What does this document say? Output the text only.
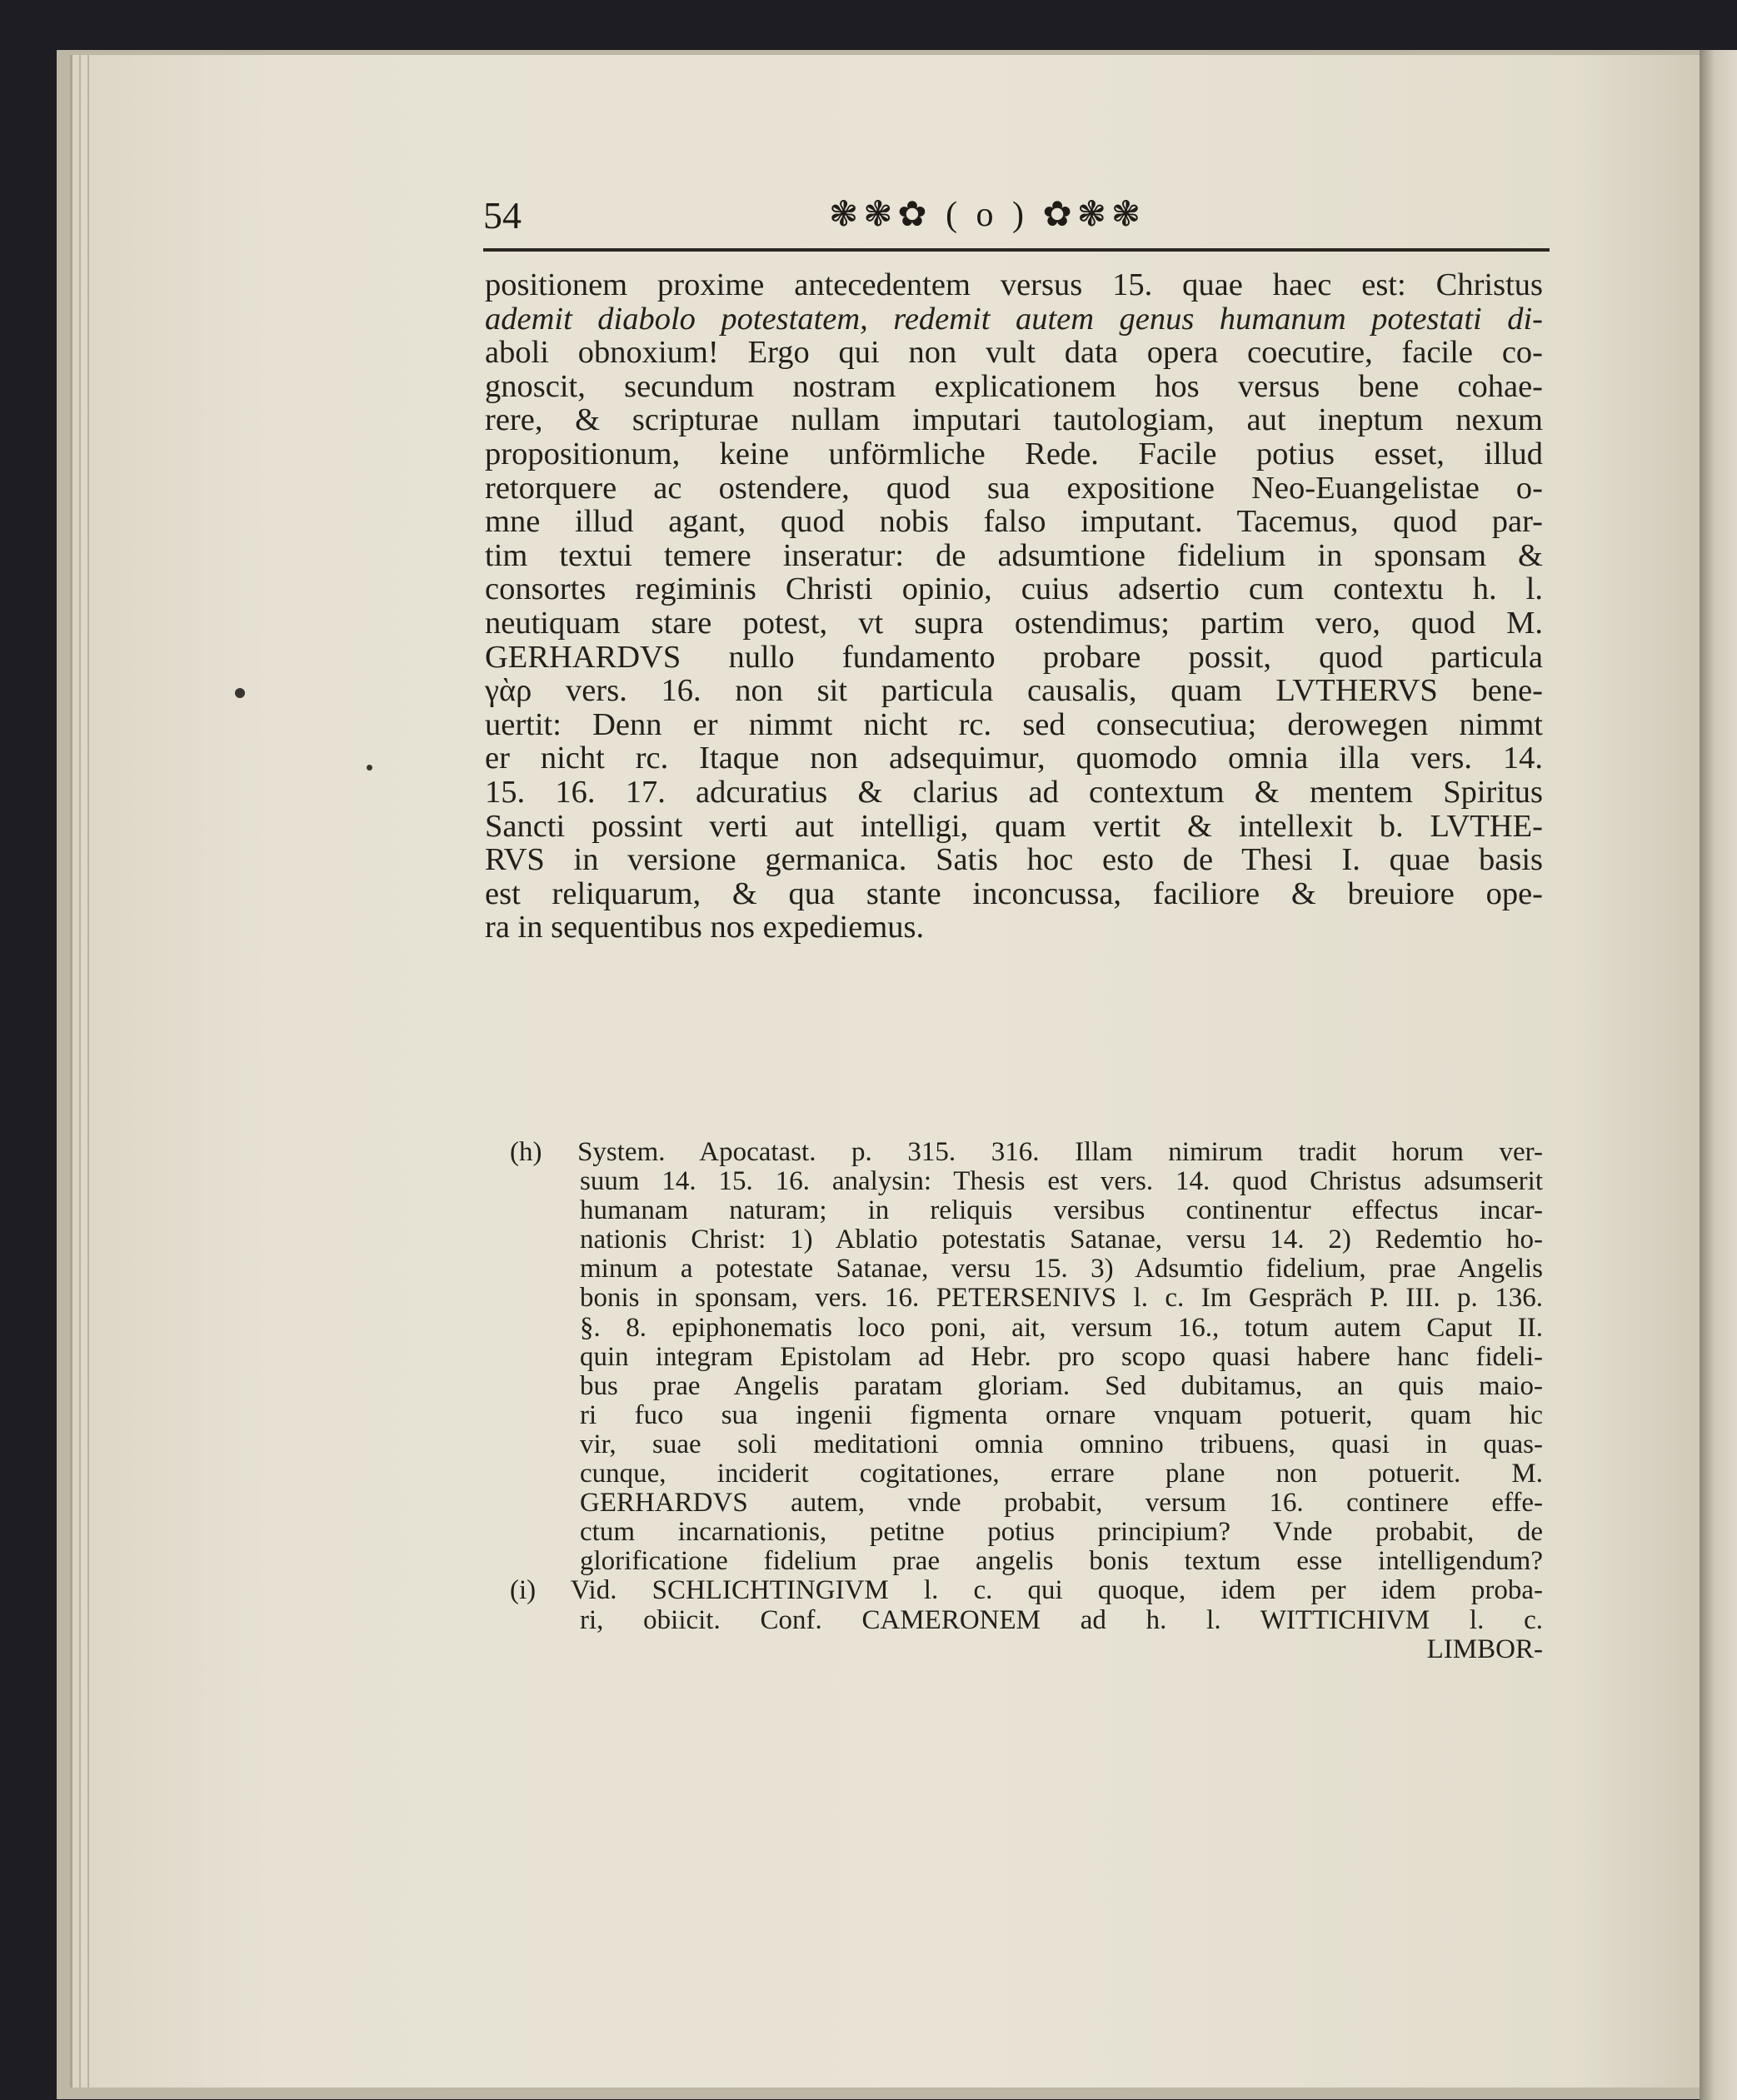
54	❃❃✿ ( o ) ✿❃❃
positionem proxime antecedentem versus 15. quae haec est: Christus
ademit diabolo potestatem, redemit autem genus humanum potestati di-
aboli obnoxium! Ergo qui non vult data opera coecutire, facile co-
gnoscit, secundum nostram explicationem hos versus bene cohae-
rere, & scripturae nullam imputari tautologiam, aut ineptum nexum
propositionum, keine unförmliche Rede. Facile potius esset, illud
retorquere ac ostendere, quod sua expositione Neo-Euangelistae o-
mne illud agant, quod nobis falso imputant. Tacemus, quod par-
tim textui temere inseratur: de adsumtione fidelium in sponsam &
consortes regiminis Christi opinio, cuius adsertio cum contextu h. l.
neutiquam stare potest, vt supra ostendimus; partim vero, quod M.
GERHARDVS nullo fundamento probare possit, quod particula
γὰρ vers. 16. non sit particula causalis, quam LVTHERVS bene-
uertit: Denn er nimmt nicht rc. sed consecutiua; derowegen nimmt
er nicht rc. Itaque non adsequimur, quomodo omnia illa vers. 14.
15. 16. 17. adcuratius & clarius ad contextum & mentem Spiritus
Sancti possint verti aut intelligi, quam vertit & intellexit b. LVTHE-
RVS in versione germanica. Satis hoc esto de Thesi I. quae basis
est reliquarum, & qua stante inconcussa, faciliore & breuiore ope-
ra in sequentibus nos expediemus.
(h) System. Apocatast. p. 315. 316. Illam nimirum tradit horum ver-
suum 14. 15. 16. analysin: Thesis est vers. 14. quod Christus adsumserit
humanam naturam; in reliquis versibus continentur effectus incar-
nationis Christ: 1) Ablatio potestatis Satanae, versu 14. 2) Redemtio ho-
minum a potestate Satanae, versu 15. 3) Adsumtio fidelium, prae Angelis
bonis in sponsam, vers. 16. PETERSENIVS l. c. Im Gespräch P. III. p. 136.
§. 8. epiphonematis loco poni, ait, versum 16., totum autem Caput II.
quin integram Epistolam ad Hebr. pro scopo quasi habere hanc fideli-
bus prae Angelis paratam gloriam. Sed dubitamus, an quis maio-
ri fuco sua ingenii figmenta ornare vnquam potuerit, quam hic
vir, suae soli meditationi omnia omnino tribuens, quasi in quas-
cunque, inciderit cogitationes, errare plane non potuerit. M.
GERHARDVS autem, vnde probabit, versum 16. continere effe-
ctum incarnationis, petitne potius principium? Vnde probabit, de
glorificatione fidelium prae angelis bonis textum esse intelligendum?
(i) Vid. SCHLICHTINGIVM l. c. qui quoque, idem per idem proba-
ri, obiicit. Conf. CAMERONEM ad h. l. WITTICHIVM l. c.
LIMBOR-
